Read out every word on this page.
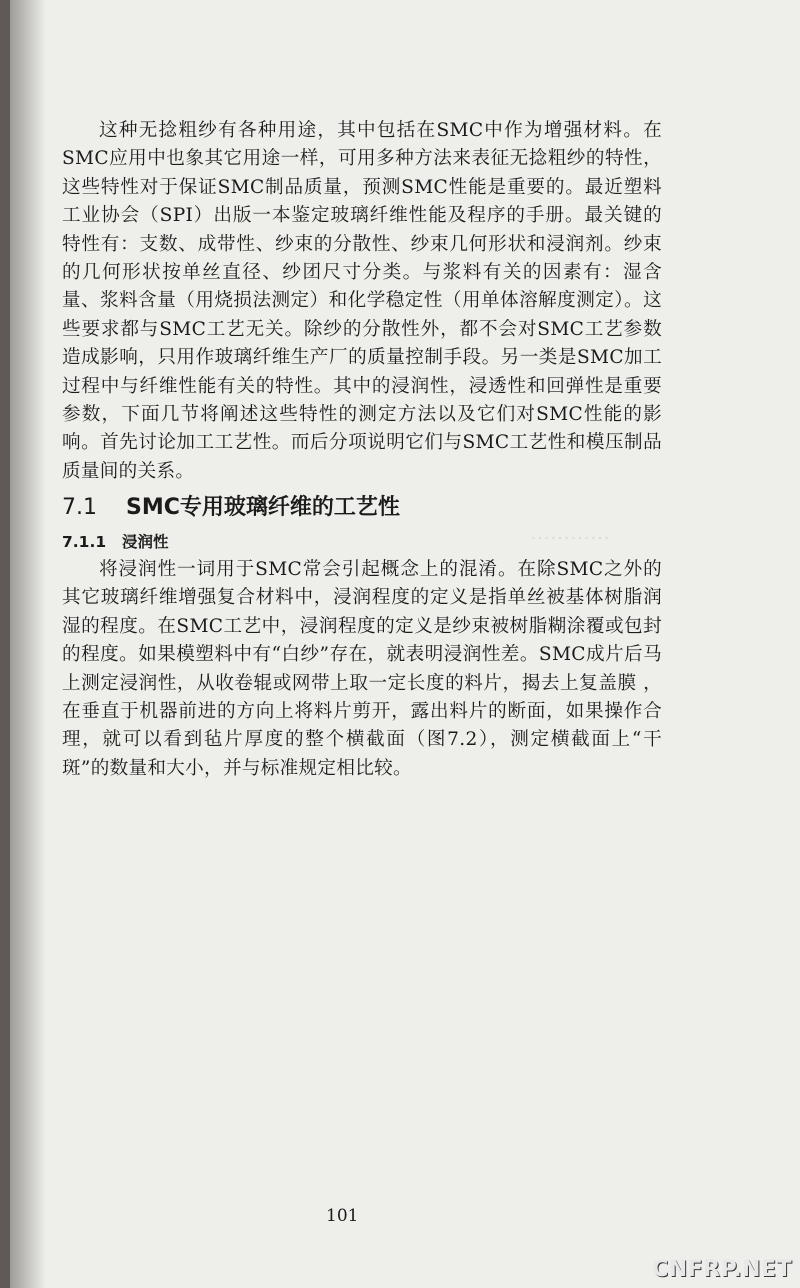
…………

这种无捻粗纱有各种用途，其中包括在SMC中作为增强材料。在SMC应用中也象其它用途一样，可用多种方法来表征无捻粗纱的特性，这些特性对于保证SMC制品质量，预测SMC性能是重要的。最近塑料工业协会（SPI）出版一本鉴定玻璃纤维性能及程序的手册。最关键的特性有：支数、成带性、纱束的分散性、纱束几何形状和浸润剂。纱束的几何形状按单丝直径、纱团尺寸分类。与浆料有关的因素有：湿含量、浆料含量（用烧损法测定）和化学稳定性（用单体溶解度测定）。这些要求都与SMC工艺无关。除纱的分散性外，都不会对SMC工艺参数造成影响，只用作玻璃纤维生产厂的质量控制手段。另一类是SMC加工过程中与纤维性能有关的特性。其中的浸润性，浸透性和回弹性是重要参数，下面几节将阐述这些特性的测定方法以及它们对SMC性能的影响。首先讨论加工工艺性。而后分项说明它们与SMC工艺性和模压制品质量间的关系。

7.1 SMC专用玻璃纤维的工艺性
7.1.1 浸润性

将浸润性一词用于SMC常会引起概念上的混淆。在除SMC之外的其它玻璃纤维增强复合材料中，浸润程度的定义是指单丝被基体树脂润湿的程度。在SMC工艺中，浸润程度的定义是纱束被树脂糊涂覆或包封的程度。如果模塑料中有“白纱”存在，就表明浸润性差。SMC成片后马上测定浸润性，从收卷辊或网带上取一定长度的料片，揭去上复盖膜 ，在垂直于机器前进的方向上将料片剪开，露出料片的断面，如果操作合理，就可以看到毡片厚度的整个横截面（图7.2），测定横截面上“干斑”的数量和大小，并与标准规定相比较。

101
CNFRP.NET
